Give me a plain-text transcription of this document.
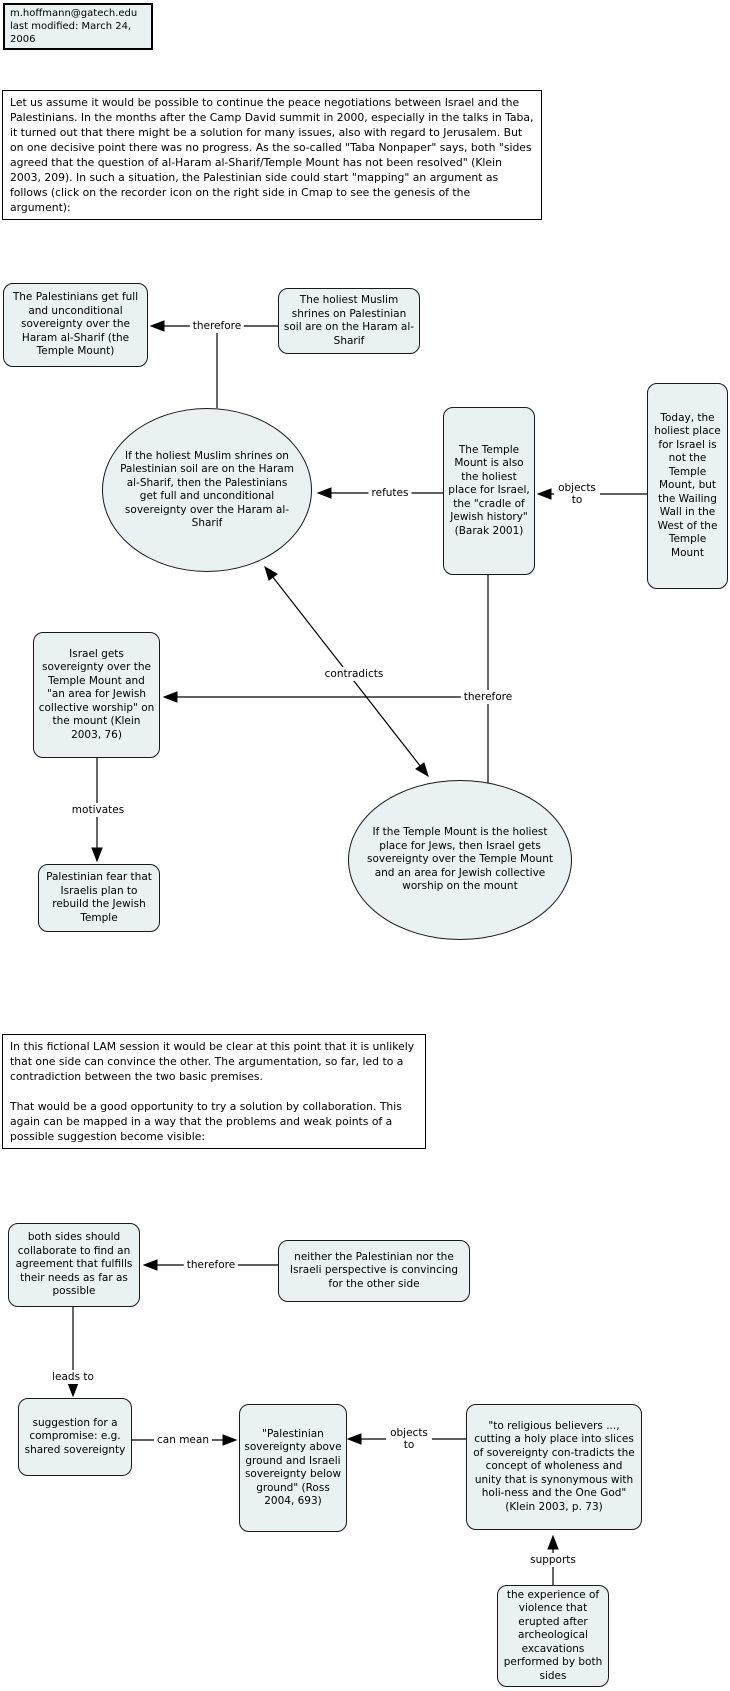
m.hoffmann@gatech.edu
last modified: March 24, 2006

Let us assume it would be possible to continue the peace negotiations between Israel and the Palestinians. In the months after the Camp David summit in 2000, especially in the talks in Taba, it turned out that there might be a solution for many issues, also with regard to Jerusalem. But on one decisive point there was no progress. As the so-called "Taba Nonpaper" says, both "sides agreed that the question of al-Haram al-Sharif/Temple Mount has not been resolved" (Klein 2003, 209). In such a situation, the Palestinian side could start "mapping" an argument as follows (click on the recorder icon on the right side in Cmap to see the genesis of the argument):

The Palestinians get full and unconditional sovereignty over the Haram al-Sharif (the Temple Mount)
The holiest Muslim shrines on Palestinian soil are on the Haram al-Sharif
If the holiest Muslim shrines on Palestinian soil are on the Haram al-Sharif, then the Palestinians get full and unconditional sovereignty over the Haram al-Sharif
The Temple Mount is also the holiest place for Israel, the "cradle of Jewish history" (Barak 2001)
Today, the holiest place for Israel is not the Temple Mount, but the Wailing Wall in the West of the Temple Mount
Israel gets sovereignty over the Temple Mount and "an area for Jewish collective worship" on the mount (Klein 2003, 76)
If the Temple Mount is the holiest place for Jews, then Israel gets sovereignty over the Temple Mount and an area for Jewish collective worship on the mount
Palestinian fear that Israelis plan to rebuild the Jewish Temple
therefore
refutes	objects to
contradicts
therefore
motivates

In this fictional LAM session it would be clear at this point that it is unlikely that one side can convince the other. The argumentation, so far, led to a contradiction between the two basic premises.

That would be a good opportunity to try a solution by collaboration. This again can be mapped in a way that the problems and weak points of a possible suggestion become visible:

both sides should collaborate to find an agreement that fulfills their needs as far as possible
neither the Palestinian nor the Israeli perspective is convincing for the other side
suggestion for a compromise: e.g. shared sovereignty
"Palestinian sovereignty above ground and Israeli sovereignty below ground" (Ross 2004, 693)
"to religious believers ..., cutting a holy place into slices of sovereignty con-tradicts the concept of wholeness and unity that is synonymous with holi-ness and the One God" (Klein 2003, p. 73)
the experience of violence that erupted after archeological excavations performed by both sides
therefore
leads to
can mean
objects to
supports
